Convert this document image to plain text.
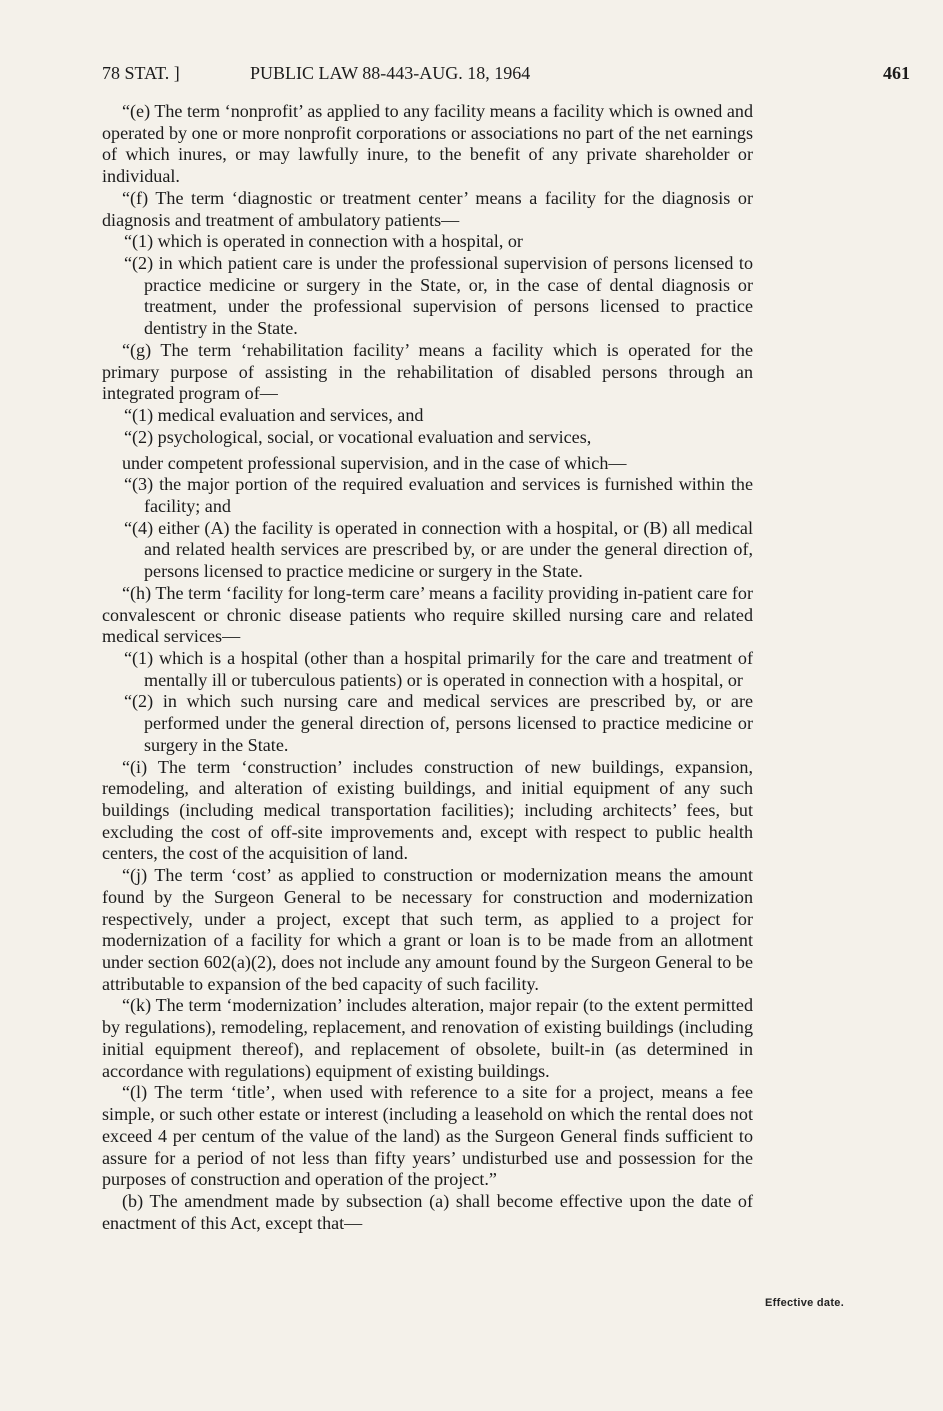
78 STAT. ]	PUBLIC LAW 88-443-AUG. 18, 1964	461

“(e) The term ‘nonprofit’ as applied to any facility means a facility which is owned and operated by one or more nonprofit corporations or associations no part of the net earnings of which inures, or may lawfully inure, to the benefit of any private shareholder or individual.

“(f) The term ‘diagnostic or treatment center’ means a facility for the diagnosis or diagnosis and treatment of ambulatory patients—

“(1) which is operated in connection with a hospital, or

“(2) in which patient care is under the professional supervision of persons licensed to practice medicine or surgery in the State, or, in the case of dental diagnosis or treatment, under the professional supervision of persons licensed to practice dentistry in the State.

“(g) The term ‘rehabilitation facility’ means a facility which is operated for the primary purpose of assisting in the rehabilitation of disabled persons through an integrated program of—

“(1) medical evaluation and services, and

“(2) psychological, social, or vocational evaluation and services,

under competent professional supervision, and in the case of which—

“(3) the major portion of the required evaluation and services is furnished within the facility; and

“(4) either (A) the facility is operated in connection with a hospital, or (B) all medical and related health services are prescribed by, or are under the general direction of, persons licensed to practice medicine or surgery in the State.

“(h) The term ‘facility for long-term care’ means a facility providing in-patient care for convalescent or chronic disease patients who require skilled nursing care and related medical services—

“(1) which is a hospital (other than a hospital primarily for the care and treatment of mentally ill or tuberculous patients) or is operated in connection with a hospital, or

“(2) in which such nursing care and medical services are prescribed by, or are performed under the general direction of, persons licensed to practice medicine or surgery in the State.

“(i) The term ‘construction’ includes construction of new buildings, expansion, remodeling, and alteration of existing buildings, and initial equipment of any such buildings (including medical transportation facilities); including architects’ fees, but excluding the cost of off-site improvements and, except with respect to public health centers, the cost of the acquisition of land.

“(j) The term ‘cost’ as applied to construction or modernization means the amount found by the Surgeon General to be necessary for construction and modernization respectively, under a project, except that such term, as applied to a project for modernization of a facility for which a grant or loan is to be made from an allotment under section 602(a)(2), does not include any amount found by the Surgeon General to be attributable to expansion of the bed capacity of such facility.

“(k) The term ‘modernization’ includes alteration, major repair (to the extent permitted by regulations), remodeling, replacement, and renovation of existing buildings (including initial equipment thereof), and replacement of obsolete, built-in (as determined in accordance with regulations) equipment of existing buildings.

“(l) The term ‘title’, when used with reference to a site for a project, means a fee simple, or such other estate or interest (including a leasehold on which the rental does not exceed 4 per centum of the value of the land) as the Surgeon General finds sufficient to assure for a period of not less than fifty years’ undisturbed use and possession for the purposes of construction and operation of the project.”

(b) The amendment made by subsection (a) shall become effective upon the date of enactment of this Act, except that—

Effective date.
